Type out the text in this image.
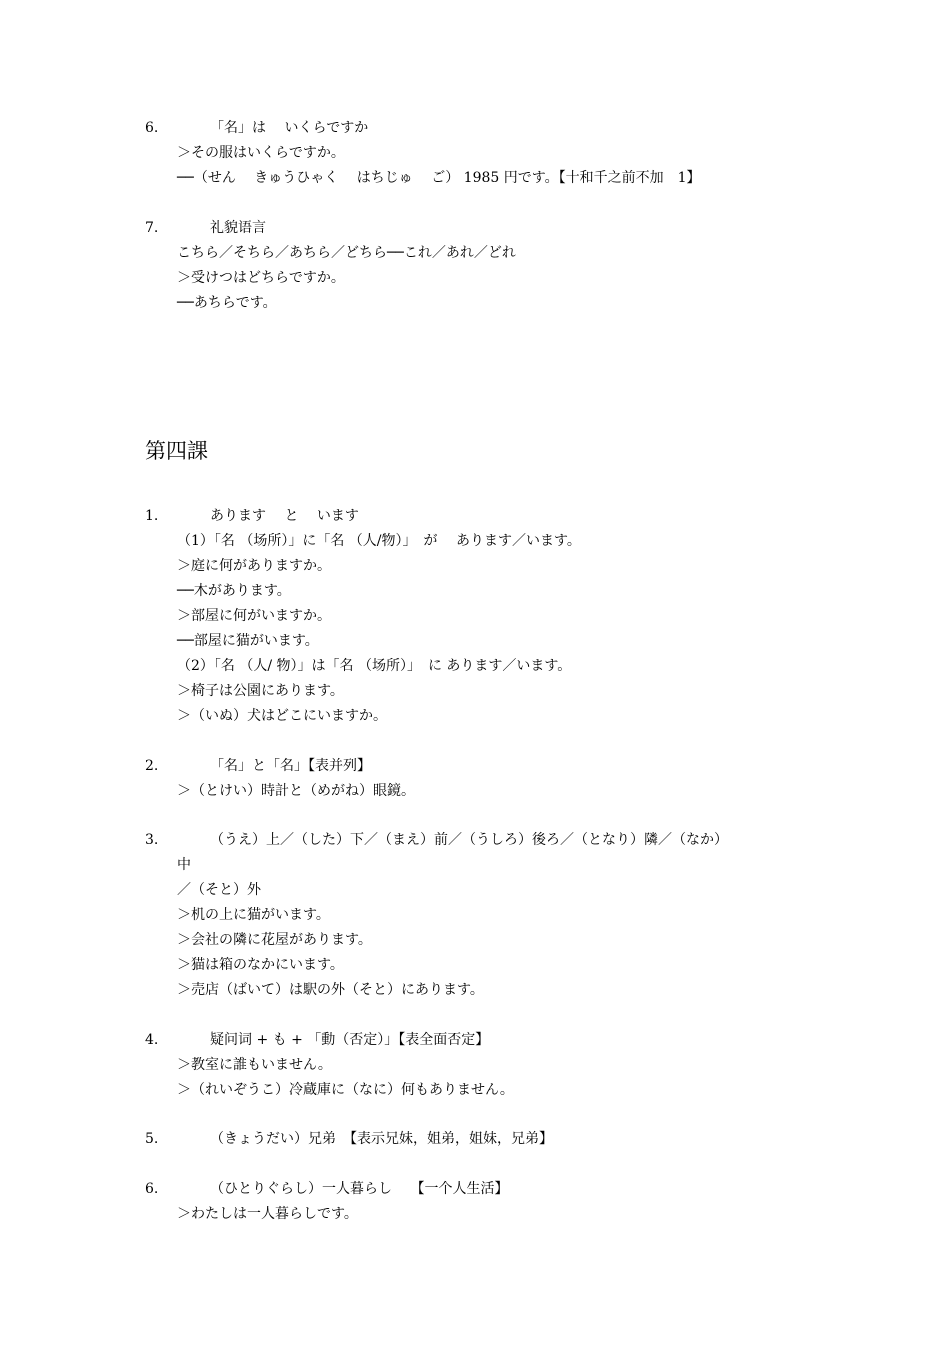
6.	「名」は　 いくらですか
＞その服はいくらですか。
──（せん　 きゅうひゃく　 はちじゅ　 ご） 1985 円です。【十和千之前不加　1】
7.	礼貌语言
こちら／そちら／あちら／どちら──これ／あれ／どれ
＞受けつはどちらですか。
──あちらです。
第四課
1.	あります　 と　 います
（1）「名 （场所）」に「名 （人/物）」　が　 あります／います。
＞庭に何がありますか。
──木があります。
＞部屋に何がいますか。
──部屋に猫がいます。
（2）「名 （人/ 物）」は「名 （场所）」　に あります／います。
＞椅子は公園にあります。
＞（いぬ）犬はどこにいますか。
2.	「名」と「名」【表并列】
＞（とけい）時計と（めがね）眼鏡。
3.	（うえ）上／（した）下／（まえ）前／（うしろ）後ろ／（となり）隣／（なか）
中
／（そと）外
＞机の上に猫がいます。
＞会社の隣に花屋があります。
＞猫は箱のなかにいます。
＞売店（ばいて）は駅の外（そと）にあります。
4.	疑问词 + も + 「動（否定）」【表全面否定】
＞教室に誰もいません。
＞（れいぞうこ）冷蔵庫に（なに）何もありません。
5.	（きょうだい）兄弟　【表示兄妹，姐弟，姐妹，兄弟】
6.	（ひとりぐらし）一人暮らし　 【一个人生活】
＞わたしは一人暮らしです。
